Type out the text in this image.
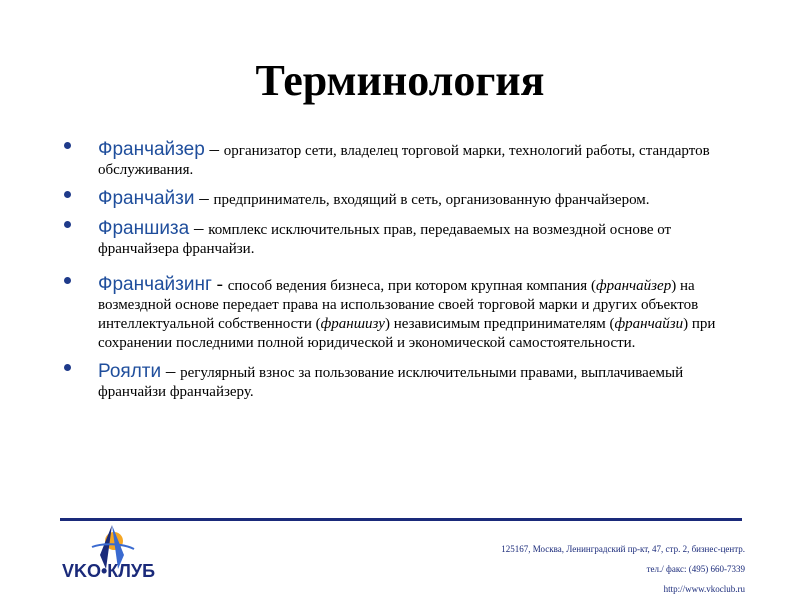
Терминология
Франчайзер – организатор сети, владелец торговой марки, технологий работы, стандартов обслуживания.
Франчайзи – предприниматель, входящий в сеть, организованную франчайзером.
Франшиза – комплекс исключительных прав, передаваемых на возмездной основе от франчайзера франчайзи.
Франчайзинг - способ ведения бизнеса, при котором крупная компания (франчайзер) на возмездной основе передает права на использование своей торговой марки и других объектов интеллектуальной собственности (франшизу) независимым предпринимателям (франчайзи) при сохранении последними полной юридической и экономической самостоятельности.
Роялти – регулярный взнос за пользование исключительными правами, выплачиваемый франчайзи франчайзеру.
VKO•КЛУБ
125167, Москва, Ленинградский пр-кт, 47, стр. 2, бизнес-центр.
тел./ факс: (495) 660-7339
http://www.vkoclub.ru
